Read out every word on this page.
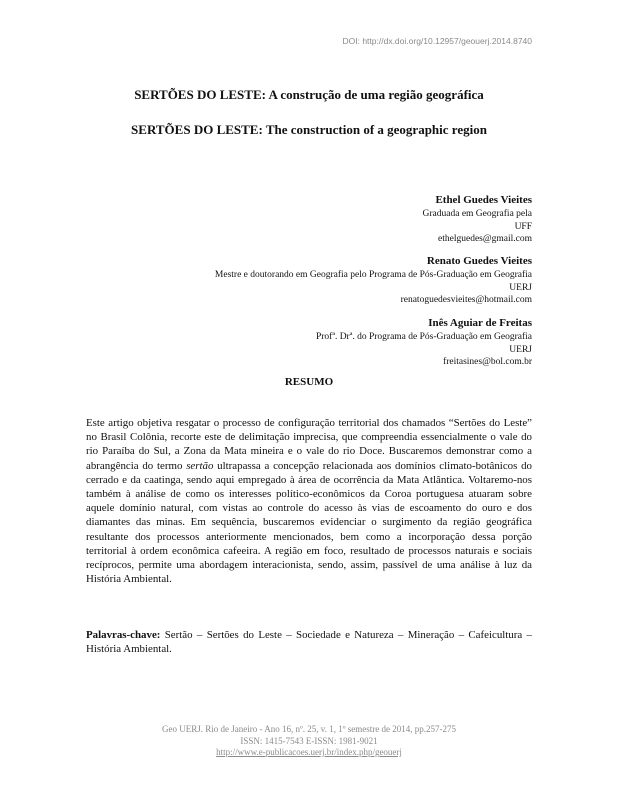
DOI: http://dx.doi.org/10.12957/geouerj.2014.8740
SERTÕES DO LESTE: A construção de uma região geográfica
SERTÕES DO LESTE: The construction of a geographic region
Ethel Guedes Vieites
Graduada em Geografia pela
UFF
ethelguedes@gmail.com
Renato Guedes Vieites
Mestre e doutorando em Geografia pelo Programa de Pós-Graduação em Geografia
UERJ
renatoguedesvieites@hotmail.com
Inês Aguiar de Freitas
Profª. Drª. do Programa de Pós-Graduação em Geografia
UERJ
freitasines@bol.com.br
RESUMO

Este artigo objetiva resgatar o processo de configuração territorial dos chamados “Sertões do Leste” no Brasil Colônia, recorte este de delimitação imprecisa, que compreendia essencialmente o vale do rio Paraíba do Sul, a Zona da Mata mineira e o vale do rio Doce. Buscaremos demonstrar como a abrangência do termo sertão ultrapassa a concepção relacionada aos domínios climato-botânicos do cerrado e da caatinga, sendo aqui empregado à área de ocorrência da Mata Atlântica. Voltaremo-nos também à análise de como os interesses político-econômicos da Coroa portuguesa atuaram sobre aquele domínio natural, com vistas ao controle do acesso às vias de escoamento do ouro e dos diamantes das minas. Em sequência, buscaremos evidenciar o surgimento da região geográfica resultante dos processos anteriormente mencionados, bem como a incorporação dessa porção territorial à ordem econômica cafeeira. A região em foco, resultado de processos naturais e sociais recíprocos, permite uma abordagem interacionista, sendo, assim, passível de uma análise à luz da História Ambiental.

Palavras-chave: Sertão – Sertões do Leste – Sociedade e Natureza – Mineração – Cafeicultura – História Ambiental.

Geo UERJ. Rio de Janeiro - Ano 16, nº. 25, v. 1, 1º semestre de 2014, pp.257-275
ISSN: 1415-7543 E-ISSN: 1981-9021
http://www.e-publicacoes.uerj.br/index.php/geouerj
